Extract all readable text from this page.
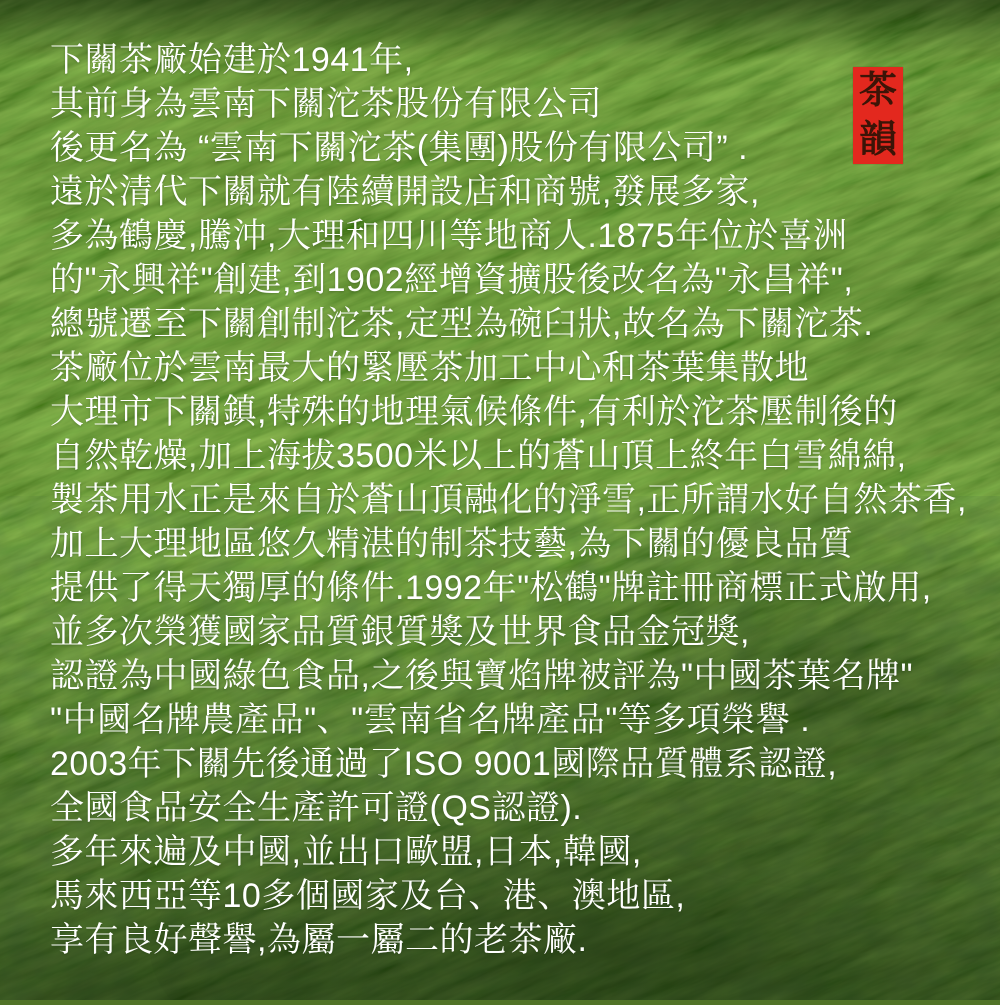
茶
韻
下關茶廠始建於1941年,
其前身為雲南下關沱茶股份有限公司
後更名為 “雲南下關沱茶(集團)股份有限公司” .
遠於清代下關就有陸續開設店和商號,發展多家,
多為鶴慶,騰沖,大理和四川等地商人.1875年位於喜洲
的"永興祥"創建,到1902經增資擴股後改名為"永昌祥",
總號遷至下關創制沱茶,定型為碗臼狀,故名為下關沱茶.
茶廠位於雲南最大的緊壓茶加工中心和茶葉集散地
大理市下關鎮,特殊的地理氣候條件,有利於沱茶壓制後的
自然乾燥,加上海拔3500米以上的蒼山頂上終年白雪綿綿,
製茶用水正是來自於蒼山頂融化的淨雪,正所謂水好自然茶香,
加上大理地區悠久精湛的制茶技藝,為下關的優良品質
提供了得天獨厚的條件.1992年"松鶴"牌註冊商標正式啟用,
並多次榮獲國家品質銀質獎及世界食品金冠獎,
認證為中國綠色食品,之後與寶焰牌被評為"中國茶葉名牌"
"中國名牌農產品"、"雲南省名牌產品"等多項榮譽 .
2003年下關先後通過了ISO 9001國際品質體系認證,
全國食品安全生產許可證(QS認證).
多年來遍及中國,並出口歐盟,日本,韓國,
馬來西亞等10多個國家及台、港、澳地區,
享有良好聲譽,為屬一屬二的老茶廠.
